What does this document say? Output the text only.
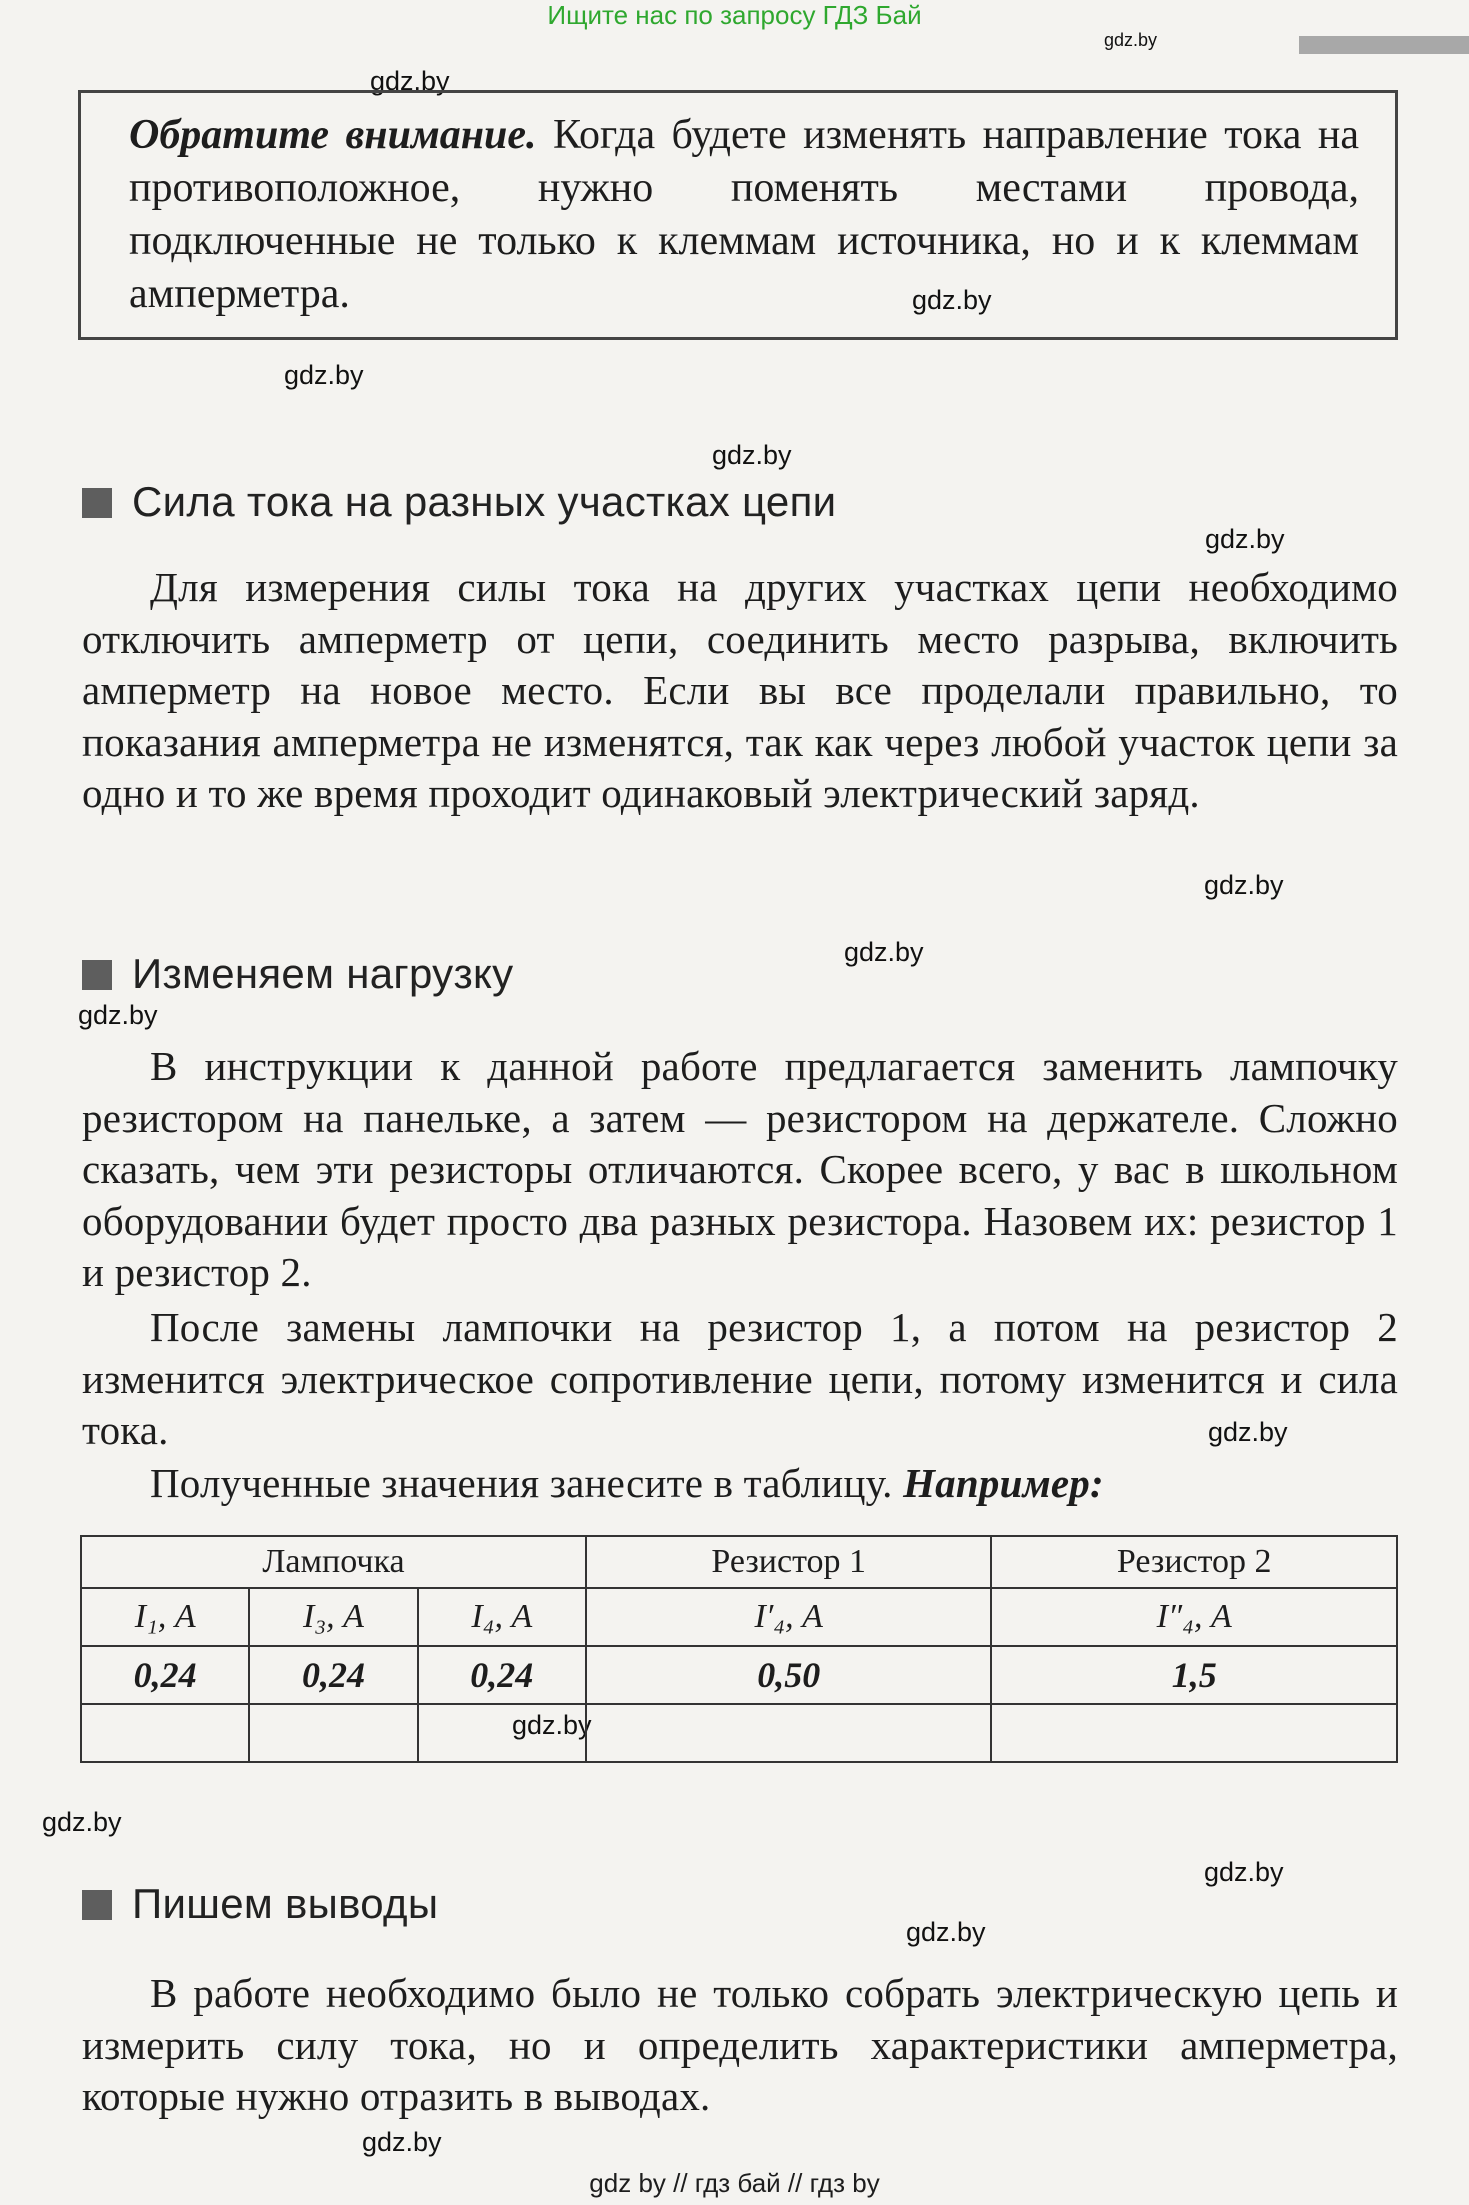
Ищите нас по запросу ГДЗ Бай
gdz.by
gdz.by
gdz.by
gdz.by
gdz.by
gdz.by
gdz.by
gdz.by
gdz.by
gdz.by
gdz.by
gdz.by
gdz.by
gdz.by
gdz.by
Обратите внимание. Когда будете изменять направление тока на противоположное, нужно поменять местами провода, подключенные не только к клеммам источника, но и к клеммам амперметра.
Сила тока на разных участках цепи
Для измерения силы тока на других участках цепи необходимо отключить амперметр от цепи, соединить место разрыва, включить амперметр на новое место. Если вы все проделали правильно, то показания амперметра не изменятся, так как через любой участок цепи за одно и то же время проходит одинаковый электрический заряд.
Изменяем нагрузку
В инструкции к данной работе предлагается заменить лампочку резистором на панельке, а затем — резистором на держателе. Сложно сказать, чем эти резисторы отличаются. Скорее всего, у вас в школьном оборудовании будет просто два разных резистора. Назовем их: резистор 1 и резистор 2.
После замены лампочки на резистор 1, а потом на резистор 2 изменится электрическое сопротивление цепи, потому изменится и сила тока.
Полученные значения занесите в таблицу. Например:
Лампочка			Резистор 1	Резистор 2
I₁, А	I₃, А	I₄, А	I′₄, А	I″₄, А
0,24	0,24	0,24	0,50	1,5

Пишем выводы
В работе необходимо было не только собрать электрическую цепь и измерить силу тока, но и определить характеристики амперметра, которые нужно отразить в выводах.
gdz by // гдз бай // гдз by
